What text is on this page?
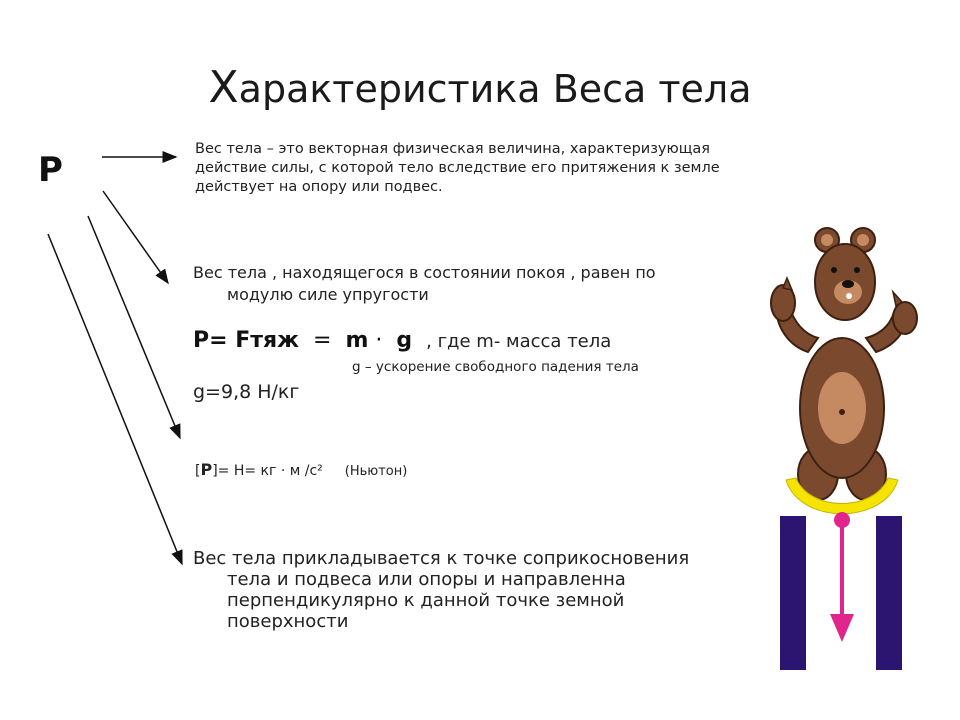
Характеристика Веса тела
P
Вес тела – это векторная физическая величина, характеризующая действие силы, с которой тело вследствие его притяжения к земле действует на опору или подвес.
Вес тела , находящегося в состоянии покоя , равен по
модулю силе упругости
P= Fтяж = m · g , где m- масса тела
g – ускорение свободного падения тела
g=9,8 Н/кг
[P]= Н= кг · м /с² (Ньютон)
Вес тела прикладывается к точке соприкосновения
тела и подвеса или опоры и направленна
перпендикулярно к данной точке земной
поверхности
